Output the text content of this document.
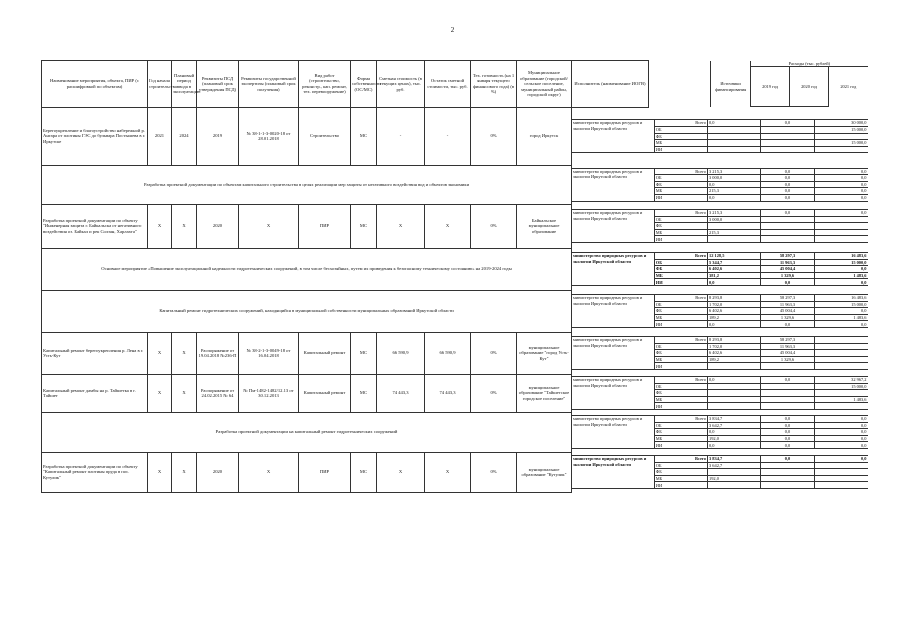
2
Наименование мероприятия, объекта, ПИР (с расшифровкой по объектам)	Год начала строительства	Плановый период ввода в эксплуатацию	Реквизиты ПСД (плановый срок утверждения ПСД)	Реквизиты государственной экспертизы (плановый срок получения)	Вид работ (строительство, реконстр., кап. ремонт, тех. перевооружение)	Форма собственности (ОС/МС)	Сметная стоимость (в текущих ценах), тыс. руб.	Остаток сметной стоимости, тыс. руб.	Тех. готовность (на 1 января текущего финансового года) (в %)	Муниципальное образование (городской/сельское поселение, муниципальный район, городской округ)	Исполнитель (наименование ИОГВ)	
		Расходы (тыс. рублей)
	Источники финансирования	2019 год	2020 год	2021 год

Берегоукрепление и благоустройство набережной р. Ангара от плотины ГЭС до бульвара Постышева в г. Иркутске	2021	2024	2019	№ 38-1-1-3-0020-18 от 28.01.2018	Строительство	МС	-	-	0%	город Иркутск	
министерство природных ресурсов и экологии Иркутской области	Всего	0,0	0,0	30 000,0
ОБ			15 000,0
ФБ			
МБ			15 000,0
ИИ			

Разработка проектной документации по объектам капитального строительства в целях реализации мер защиты от негативного воздействия вод и объектов экономики	
министерство природных ресурсов и экологии Иркутской области	Всего	3 215,3	0,0	0,0
ОБ	3 000,0	0,0	0,0
ФБ	0,0	0,0	0,0
МБ	215,3	0,0	0,0
ИИ	0,0	0,0	0,0

Разработка проектной документации по объекту "Инженерная защита г. Байкальска от негативного воздействия оз. Байкал и рек Солзан, Харлахта"	X	X	2020	X	ПИР	МС	X	X	0%	Байкальское муниципальное образование	
министерство природных ресурсов и экологии Иркутской области	Всего	3 215,3	0,0	0,0
ОБ	3 000,0		
ФБ			
МБ	215,3		
ИИ			

Основное мероприятие «Повышение эксплуатационной надежности гидротехнических сооружений, в том числе бесхозяйных, путем их приведения к безопасному техническому состоянию» на 2019-2024 годы	
министерство природных ресурсов и экологии Иркутской области	Всего	12 128,5	58 297,3	16 483,6
ОБ	5 344,7	11 963,3	15 000,0
ФБ	6 402,6	45 004,4	0,0
МБ	381,2	1 329,6	1 483,6
ИИ	0,0	0,0	0,0

Капитальный ремонт гидротехнических сооружений, находящийся в муниципальной собственности муниципальных образований Иркутской области	
министерство природных ресурсов и экологии Иркутской области	Всего	8 293,8	58 297,3	16 483,6
ОБ	1 702,0	11 963,3	15 000,0
ФБ	6 402,6	45 004,4	0,0
МБ	189,2	1 329,6	1 483,6
ИИ	0,0	0,0	0,0

Капитальный ремонт берегоукрепления р. Лена в г. Усть-Кут	X	X	Распоряжение от 19.04.2018 №236-П	№ 38-2-1-3-0049-18 от 16.04.2018	Капитальный ремонт	МС	66 590,9	66 590,9	0%	муниципальное образование "город Усть-Кут"	
министерство природных ресурсов и экологии Иркутской области	Всего	8 293,8	58 297,3	
ОБ	1 702,0	11 963,3	
ФБ	6 402,6	45 004,4	
МБ	189,2	1 329,6	
ИИ			

Капитальный ремонт дамбы на р. Тайшетка в г. Тайшет	X	X	Распоряжение от 24.02.2015 № 64	№ Пм-1482-1482/12.13 от 30.12.2013	Капитальный ремонт	МС	74 443,3	74 443,3	0%	муниципальное образование "Тайшетское городское поселение"	
министерство природных ресурсов и экологии Иркутской области	Всего	0,0	0,0	32 967,2
ОБ			15 000,0
ФБ			
МБ			1 483,6
ИИ			

Разработка проектной документации на капитальный ремонт гидротехнических сооружений	
министерство природных ресурсов и экологии Иркутской области	Всего	3 834,7	0,0	0,0
ОБ	3 642,7	0,0	0,0
ФБ	0,0	0,0	0,0
МБ	192,0	0,0	0,0
ИИ	0,0	0,0	0,0

Разработка проектной документации по объекту "Капитальный ремонт плотины пруда в пос. Кутулик"	X	X	2020	X	ПИР	МС	X	X	0%	муниципальное образование "Кутулик"	
министерство природных ресурсов и экологии Иркутской области	Всего	3 834,7	0,0	0,0
ОБ	3 642,7		
ФБ			
МБ	192,0		
ИИ			
